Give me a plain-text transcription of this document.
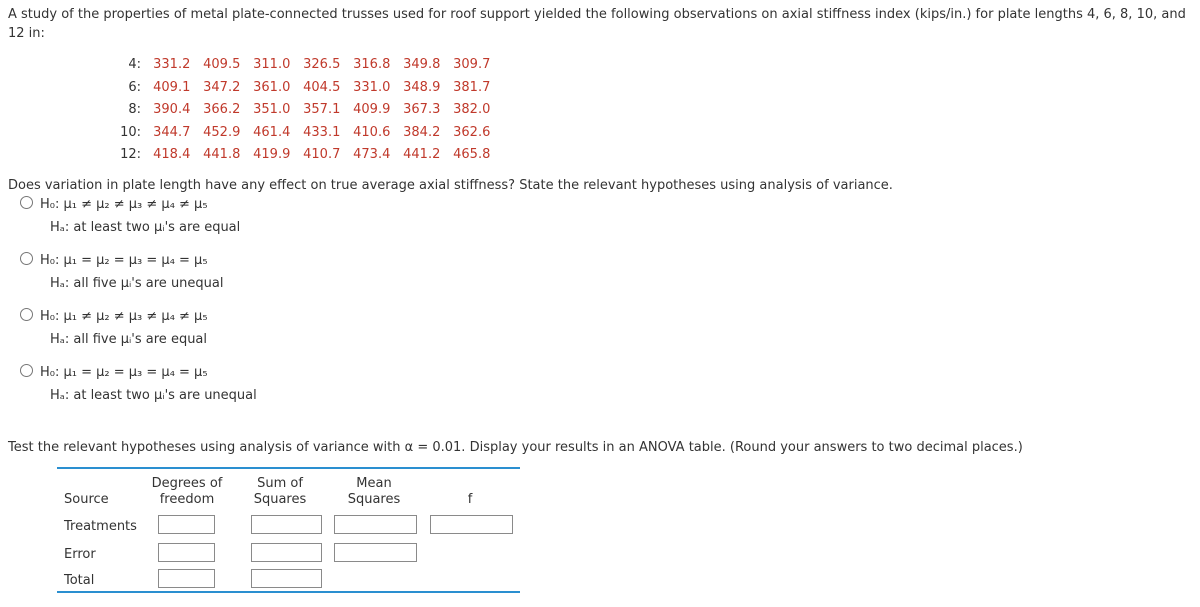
A study of the properties of metal plate-connected trusses used for roof support yielded the following observations on axial stiffness index (kips/in.) for plate lengths 4, 6, 8, 10, and 12 in:
4: 331.2 409.5 311.0 326.5 316.8 349.8 309.7
6: 409.1 347.2 361.0 404.5 331.0 348.9 381.7
8: 390.4 366.2 351.0 357.1 409.9 367.3 382.0
10: 344.7 452.9 461.4 433.1 410.6 384.2 362.6
12: 418.4 441.8 419.9 410.7 473.4 441.2 465.8
Does variation in plate length have any effect on true average axial stiffness? State the relevant hypotheses using analysis of variance.
H₀: μ₁ ≠ μ₂ ≠ μ₃ ≠ μ₄ ≠ μ₅
Hₐ: at least two μᵢ's are equal
H₀: μ₁ = μ₂ = μ₃ = μ₄ = μ₅
Hₐ: all five μᵢ's are unequal
H₀: μ₁ ≠ μ₂ ≠ μ₃ ≠ μ₄ ≠ μ₅
Hₐ: all five μᵢ's are equal
H₀: μ₁ = μ₂ = μ₃ = μ₄ = μ₅
Hₐ: at least two μᵢ's are unequal
Test the relevant hypotheses using analysis of variance with α = 0.01. Display your results in an ANOVA table. (Round your answers to two decimal places.)
Source
Degrees of
freedom
Sum of
Squares
Mean
Squares	f
Treatments
Error
Total
